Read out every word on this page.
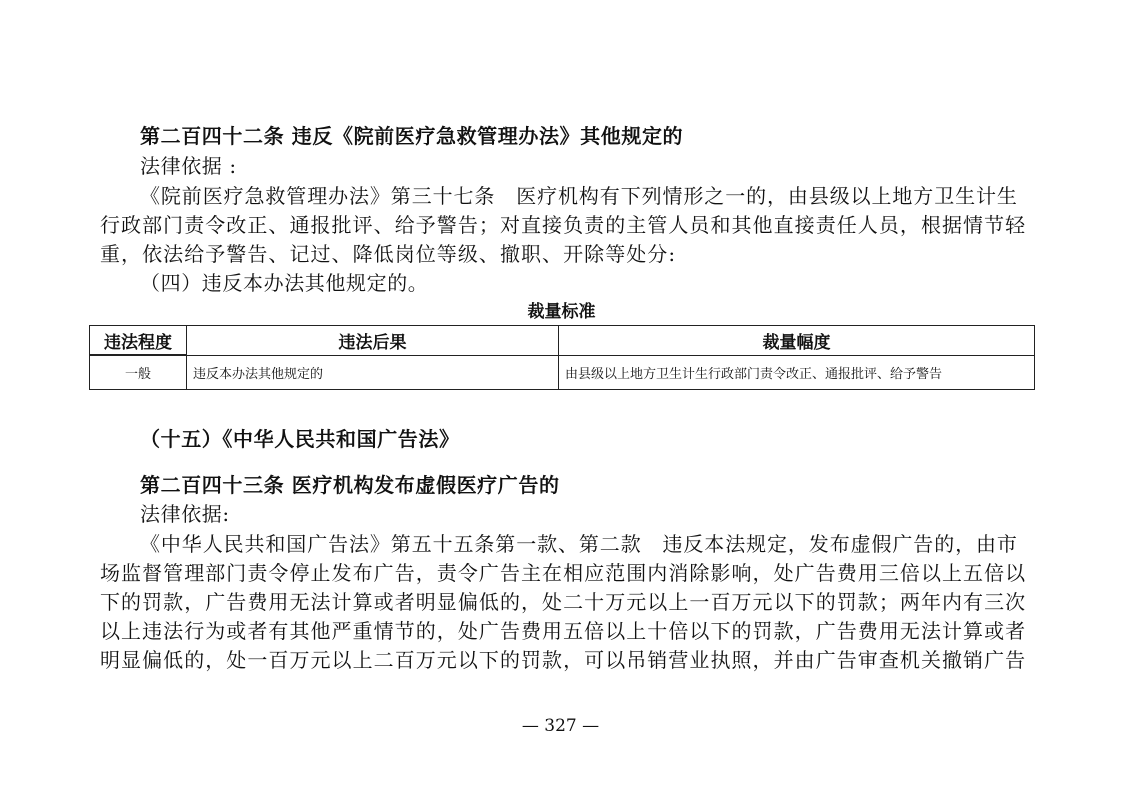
第二百四十二条 违反《院前医疗急救管理办法》其他规定的
法律依据 :
《院前医疗急救管理办法》第三十七条　医疗机构有下列情形之一的，由县级以上地方卫生计生
行政部门责令改正、通报批评、给予警告；对直接负责的主管人员和其他直接责任人员，根据情节轻
重，依法给予警告、记过、降低岗位等级、撤职、开除等处分:
（四）违反本办法其他规定的。
裁量标准
违法程度	违法后果	裁量幅度
一般	违反本办法其他规定的	由县级以上地方卫生计生行政部门责令改正、通报批评、给予警告
（十五）《中华人民共和国广告法》
第二百四十三条 医疗机构发布虚假医疗广告的
法律依据:
《中华人民共和国广告法》第五十五条第一款、第二款　违反本法规定，发布虚假广告的，由市
场监督管理部门责令停止发布广告，责令广告主在相应范围内消除影响，处广告费用三倍以上五倍以
下的罚款，广告费用无法计算或者明显偏低的，处二十万元以上一百万元以下的罚款；两年内有三次
以上违法行为或者有其他严重情节的，处广告费用五倍以上十倍以下的罚款，广告费用无法计算或者
明显偏低的，处一百万元以上二百万元以下的罚款，可以吊销营业执照，并由广告审查机关撤销广告
— 327 —
